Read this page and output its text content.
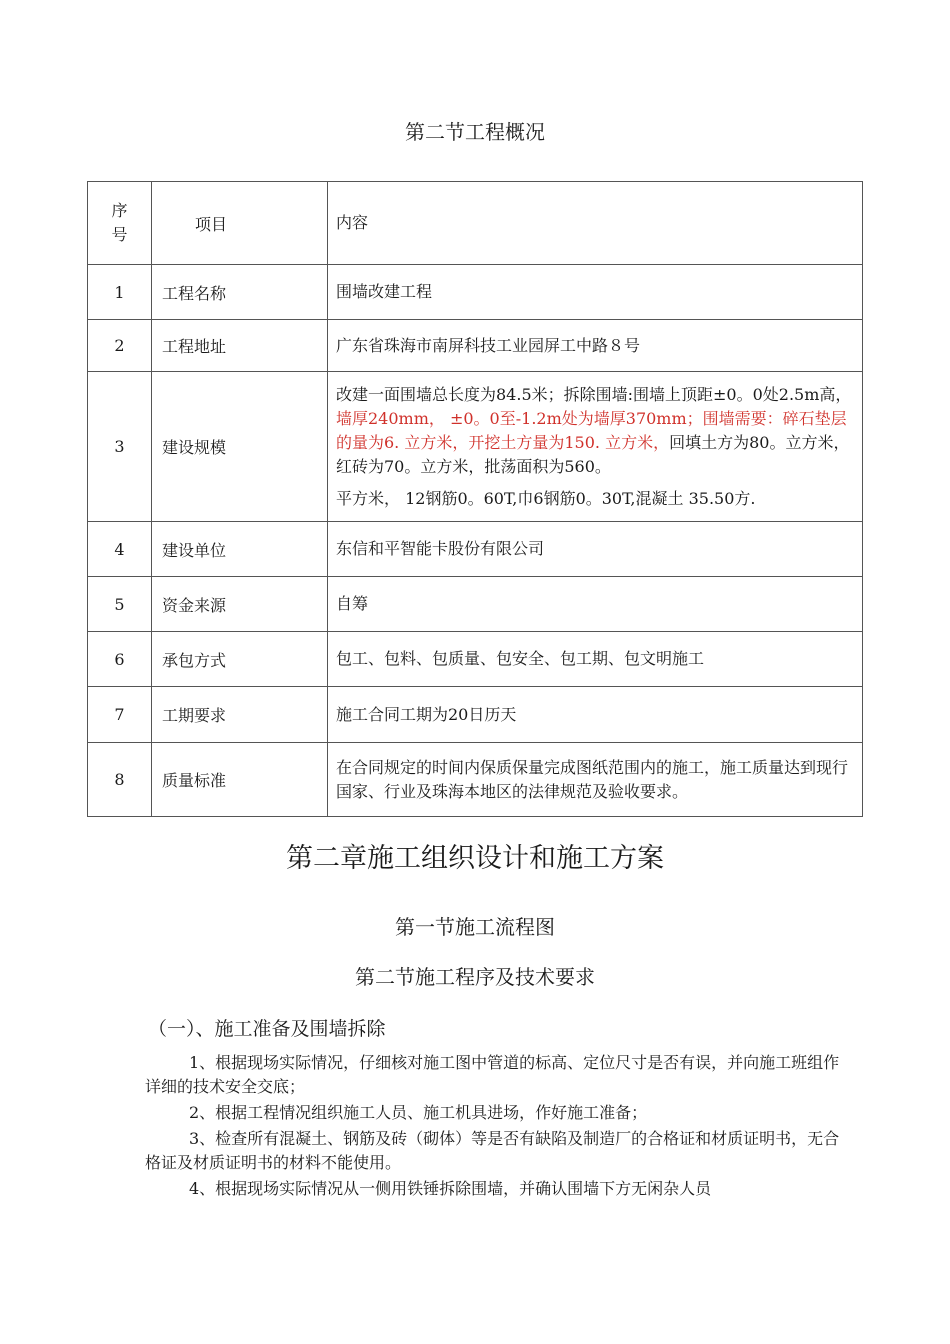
第二节工程概况
序
号	项目	内容
1	工程名称	围墙改建工程
2	工程地址	广东省珠海市南屏科技工业园屏工中路８号
3	建设规模	改建一面围墙总长度为84.5米；拆除围墙:围墙上顶距±0。0处2.5m高，墙厚240mm， ±0。0至-1.2m处为墙厚370mm；围墙需要：碎石垫层的量为6. 立方米，开挖土方量为150. 立方米，回填土方为80。立方米，红砖为70。立方米，批荡面积为560。

平方米， 12钢筋0。60T,巾6钢筋0。30T,混凝土 35.50方.

4	建设单位	东信和平智能卡股份有限公司
5	资金来源	自筹
6	承包方式	包工、包料、包质量、包安全、包工期、包文明施工
7	工期要求	施工合同工期为20日历天
8	质量标准	在合同规定的时间内保质保量完成图纸范围内的施工，施工质量达到现行国家、行业及珠海本地区的法律规范及验收要求。
第二章施工组织设计和施工方案
第一节施工流程图
第二节施工程序及技术要求
（一）、施工准备及围墙拆除
1、根据现场实际情况，仔细核对施工图中管道的标高、定位尺寸是否有误，并向施工班组作详细的技术安全交底；
2、根据工程情况组织施工人员、施工机具进场，作好施工准备；
3、检查所有混凝土、钢筋及砖（砌体）等是否有缺陷及制造厂的合格证和材质证明书，无合格证及材质证明书的材料不能使用。
4、根据现场实际情况从一侧用铁锤拆除围墙，并确认围墙下方无闲杂人员
